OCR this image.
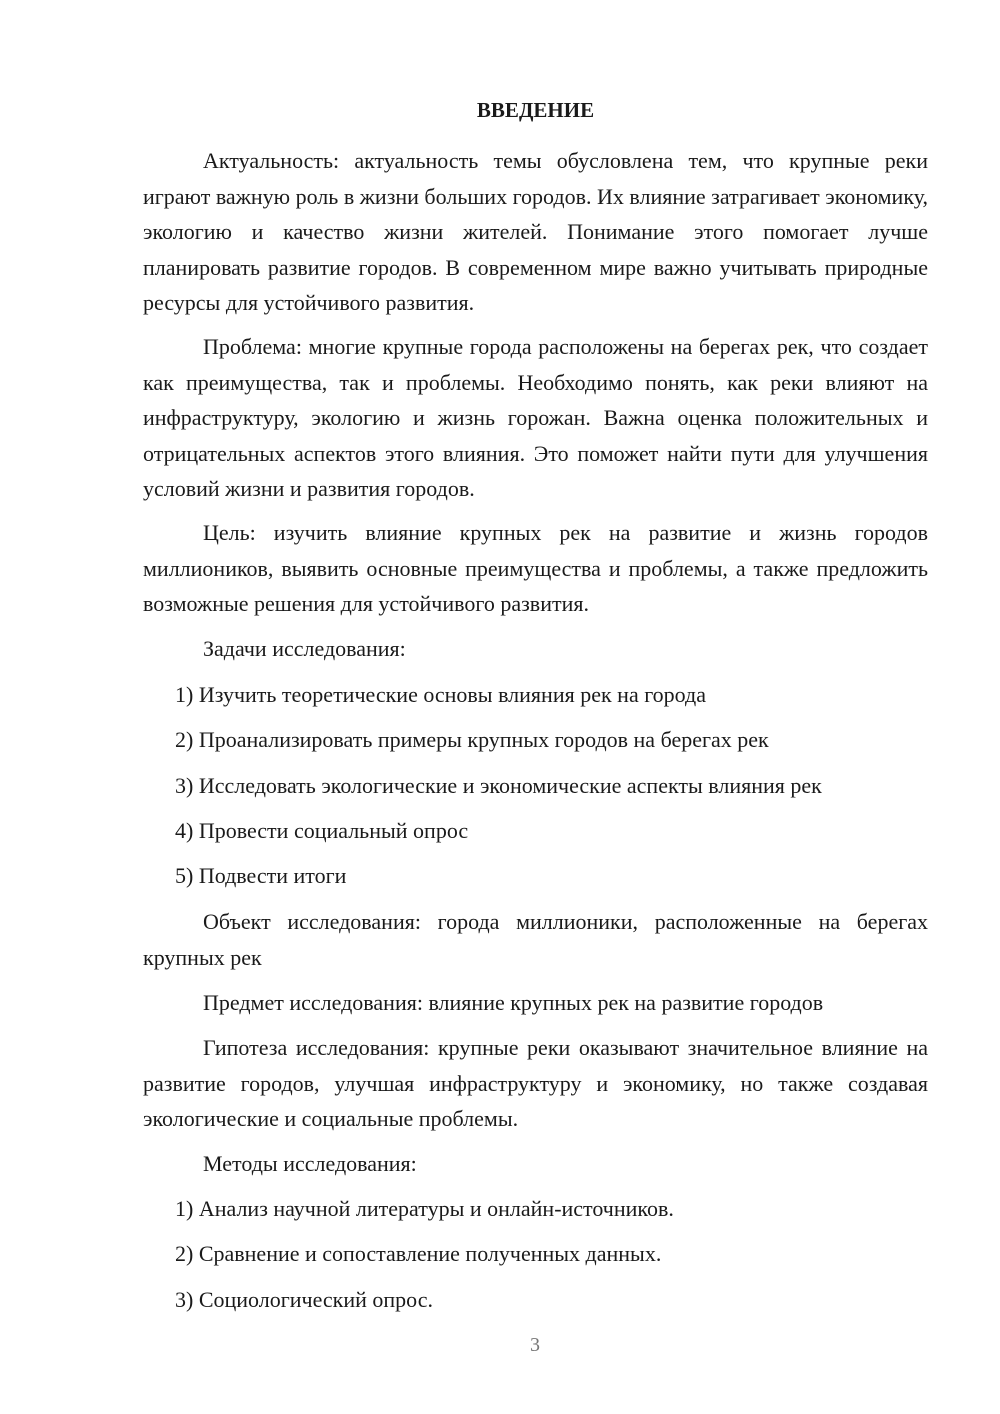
ВВЕДЕНИЕ

Актуальность: актуальность темы обусловлена тем, что крупные реки играют важную роль в жизни больших городов. Их влияние затрагивает экономику, экологию и качество жизни жителей. Понимание этого помогает лучше планировать развитие городов. В современном мире важно учитывать природные ресурсы для устойчивого развития.

Проблема: многие крупные города расположены на берегах рек, что создает как преимущества, так и проблемы. Необходимо понять, как реки влияют на инфраструктуру, экологию и жизнь горожан. Важна оценка положительных и отрицательных аспектов этого влияния. Это поможет найти пути для улучшения условий жизни и развития городов.

Цель: изучить влияние крупных рек на развитие и жизнь городов миллиоников, выявить основные преимущества и проблемы, а также предложить возможные решения для устойчивого развития.

Задачи исследования:

1) Изучить теоретические основы влияния рек на города

2) Проанализировать примеры крупных городов на берегах рек

3) Исследовать экологические и экономические аспекты влияния рек

4) Провести социальный опрос

5) Подвести итоги

Объект исследования: города миллионики, расположенные на берегах крупных рек

Предмет исследования: влияние крупных рек на развитие городов

Гипотеза исследования: крупные реки оказывают значительное влияние на развитие городов, улучшая инфраструктуру и экономику, но также создавая экологические и социальные проблемы.

Методы исследования:

1) Анализ научной литературы и онлайн-источников.

2) Сравнение и сопоставление полученных данных.

3) Социологический опрос.

3
